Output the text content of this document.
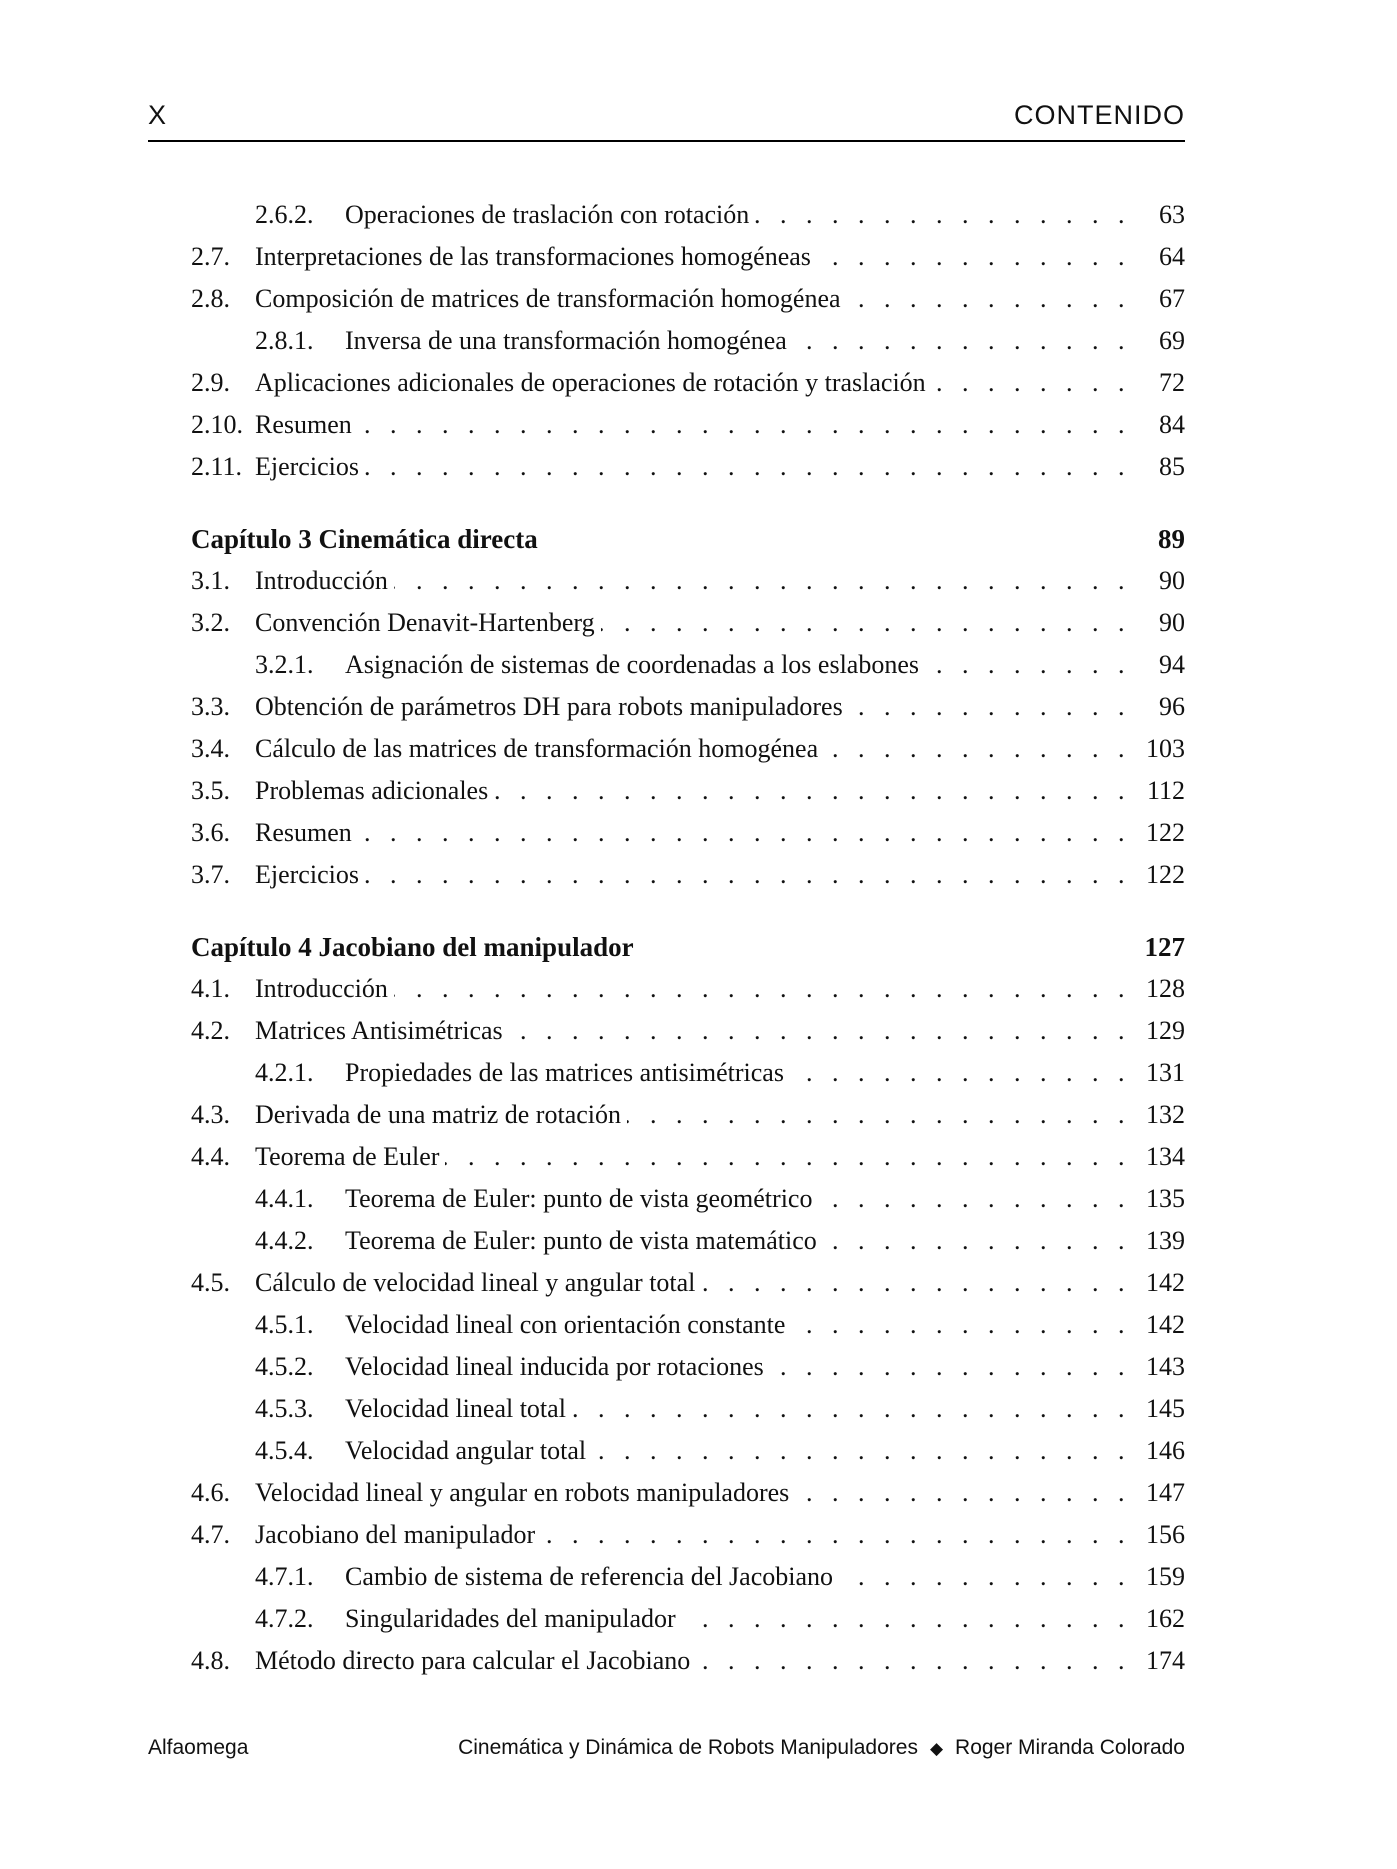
X	CONTENIDO
2.6.2. Operaciones de traslación con rotación . . .	63
2.7. Interpretaciones de las transformaciones homogéneas . . .	64
2.8. Composición de matrices de transformación homogénea . . .	67
2.8.1. Inversa de una transformación homogénea . . .	69
2.9. Aplicaciones adicionales de operaciones de rotación y traslación . . .	72
2.10. Resumen . . .	84
2.11. Ejercicios . . .	85
Capítulo 3 Cinemática directa	89
3.1. Introducción . . .	90
3.2. Convención Denavit-Hartenberg . . .	90
3.2.1. Asignación de sistemas de coordenadas a los eslabones . . .	94
3.3. Obtención de parámetros DH para robots manipuladores . . .	96
3.4. Cálculo de las matrices de transformación homogénea . . .	103
3.5. Problemas adicionales . . .	112
3.6. Resumen . . .	122
3.7. Ejercicios . . .	122
Capítulo 4 Jacobiano del manipulador	127
4.1. Introducción . . .	128
4.2. Matrices Antisimétricas . . .	129
4.2.1. Propiedades de las matrices antisimétricas . . .	131
4.3. Derivada de una matriz de rotación . . .	132
4.4. Teorema de Euler . . .	134
4.4.1. Teorema de Euler: punto de vista geométrico . . .	135
4.4.2. Teorema de Euler: punto de vista matemático . . .	139
4.5. Cálculo de velocidad lineal y angular total . . .	142
4.5.1. Velocidad lineal con orientación constante . . .	142
4.5.2. Velocidad lineal inducida por rotaciones . . .	143
4.5.3. Velocidad lineal total . . .	145
4.5.4. Velocidad angular total . . .	146
4.6. Velocidad lineal y angular en robots manipuladores . . .	147
4.7. Jacobiano del manipulador . . .	156
4.7.1. Cambio de sistema de referencia del Jacobiano . . .	159
4.7.2. Singularidades del manipulador . . .	162
4.8. Método directo para calcular el Jacobiano . . .	174
Alfaomega	Cinemática y Dinámica de Robots Manipuladores ◆ Roger Miranda Colorado
